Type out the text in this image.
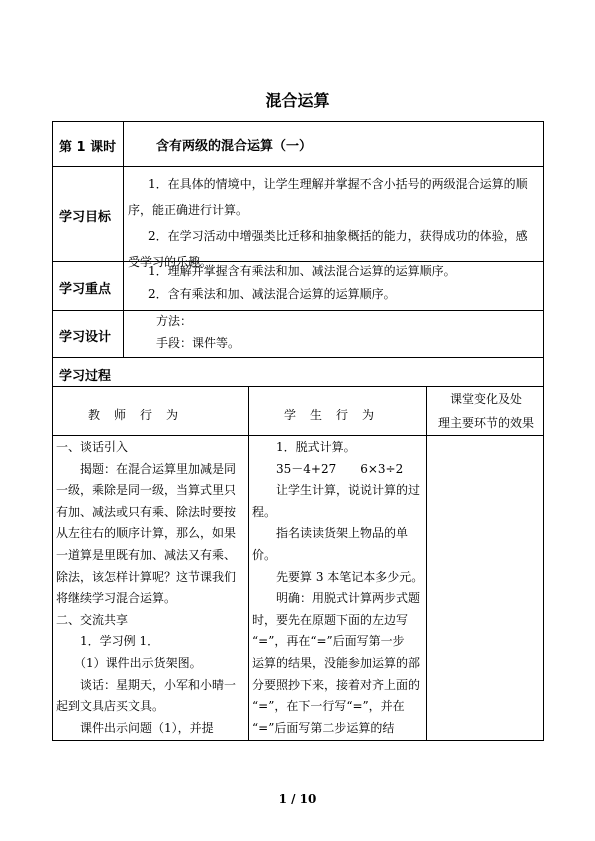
混合运算
第 1 课时	含有两级的混合运算（一）
学习目标

1．在具体的情境中，让学生理解并掌握不含小括号的两级混合运算的顺

序，能正确进行计算。

2．在学习活动中增强类比迁移和抽象概括的能力，获得成功的体验，感

受学习的乐趣。

学习重点

1．理解并掌握含有乘法和加、减法混合运算的运算顺序。

2．含有乘法和加、减法混合运算的运算顺序。

学习设计

方法：

手段：课件等。

学习过程
教师行为	学生行为

课堂变化及处

理主要环节的效果

一、谈话引入

　　揭题：在混合运算里加减是同

一级，乘除是同一级，当算式里只

有加、减法或只有乘、除法时要按

从左往右的顺序计算，那么，如果

一道算是里既有加、减法又有乘、

除法，该怎样计算呢？这节课我们

将继续学习混合运算。

二、交流共享

　　1．学习例 1．

　　（1）课件出示货架图。

　　谈话：星期天，小军和小晴一

起到文具店买文具。

　　课件出示问题（1），并提

　　1．脱式计算。

　　35－4+27　　6×3÷2

　　让学生计算，说说计算的过

程。

　　指名读读货架上物品的单

价。

　　先要算 3 本笔记本多少元。

　　明确：用脱式计算两步式题

时，要先在原题下面的左边写

“=”，再在“=”后面写第一步

运算的结果，没能参加运算的部

分要照抄下来，接着对齐上面的

“=”，在下一行写“=”，并在

“=”后面写第二步运算的结

1 / 10
